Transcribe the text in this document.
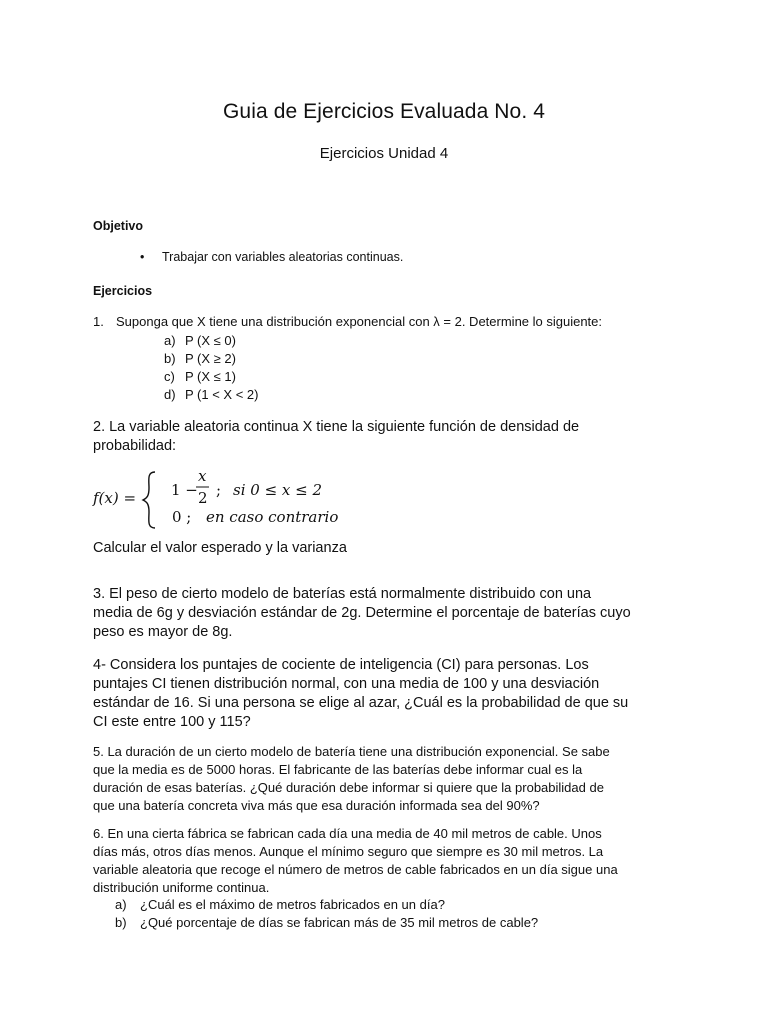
Guia de Ejercicios Evaluada No. 4
Ejercicios Unidad 4
Objetivo
• Trabajar con variables aleatorias continuas.
Ejercicios
1. Suponga que X tiene una distribución exponencial con λ = 2. Determine lo siguiente:
a) P (X ≤ 0)
b) P (X ≥ 2)
c) P (X ≤ 1)
d) P (1 < X < 2)
2. La variable aleatoria continua X tiene la siguiente función de densidad de
probabilidad:
f(x) = 1 −
x
2 ; si 0 ≤ x ≤ 2
0 ; en caso contrario
Calcular el valor esperado y la varianza
3. El peso de cierto modelo de baterías está normalmente distribuido con una
media de 6g y desviación estándar de 2g. Determine el porcentaje de baterías cuyo
peso es mayor de 8g.
4- Considera los puntajes de cociente de inteligencia (CI) para personas. Los
puntajes CI tienen distribución normal, con una media de 100 y una desviación
estándar de 16. Si una persona se elige al azar, ¿Cuál es la probabilidad de que su
CI este entre 100 y 115?
5. La duración de un cierto modelo de batería tiene una distribución exponencial. Se sabe
que la media es de 5000 horas. El fabricante de las baterías debe informar cual es la
duración de esas baterías. ¿Qué duración debe informar si quiere que la probabilidad de
que una batería concreta viva más que esa duración informada sea del 90%?
6. En una cierta fábrica se fabrican cada día una media de 40 mil metros de cable. Unos
días más, otros días menos. Aunque el mínimo seguro que siempre es 30 mil metros. La
variable aleatoria que recoge el número de metros de cable fabricados en un día sigue una
distribución uniforme continua.
a) ¿Cuál es el máximo de metros fabricados en un día?
b) ¿Qué porcentaje de días se fabrican más de 35 mil metros de cable?
